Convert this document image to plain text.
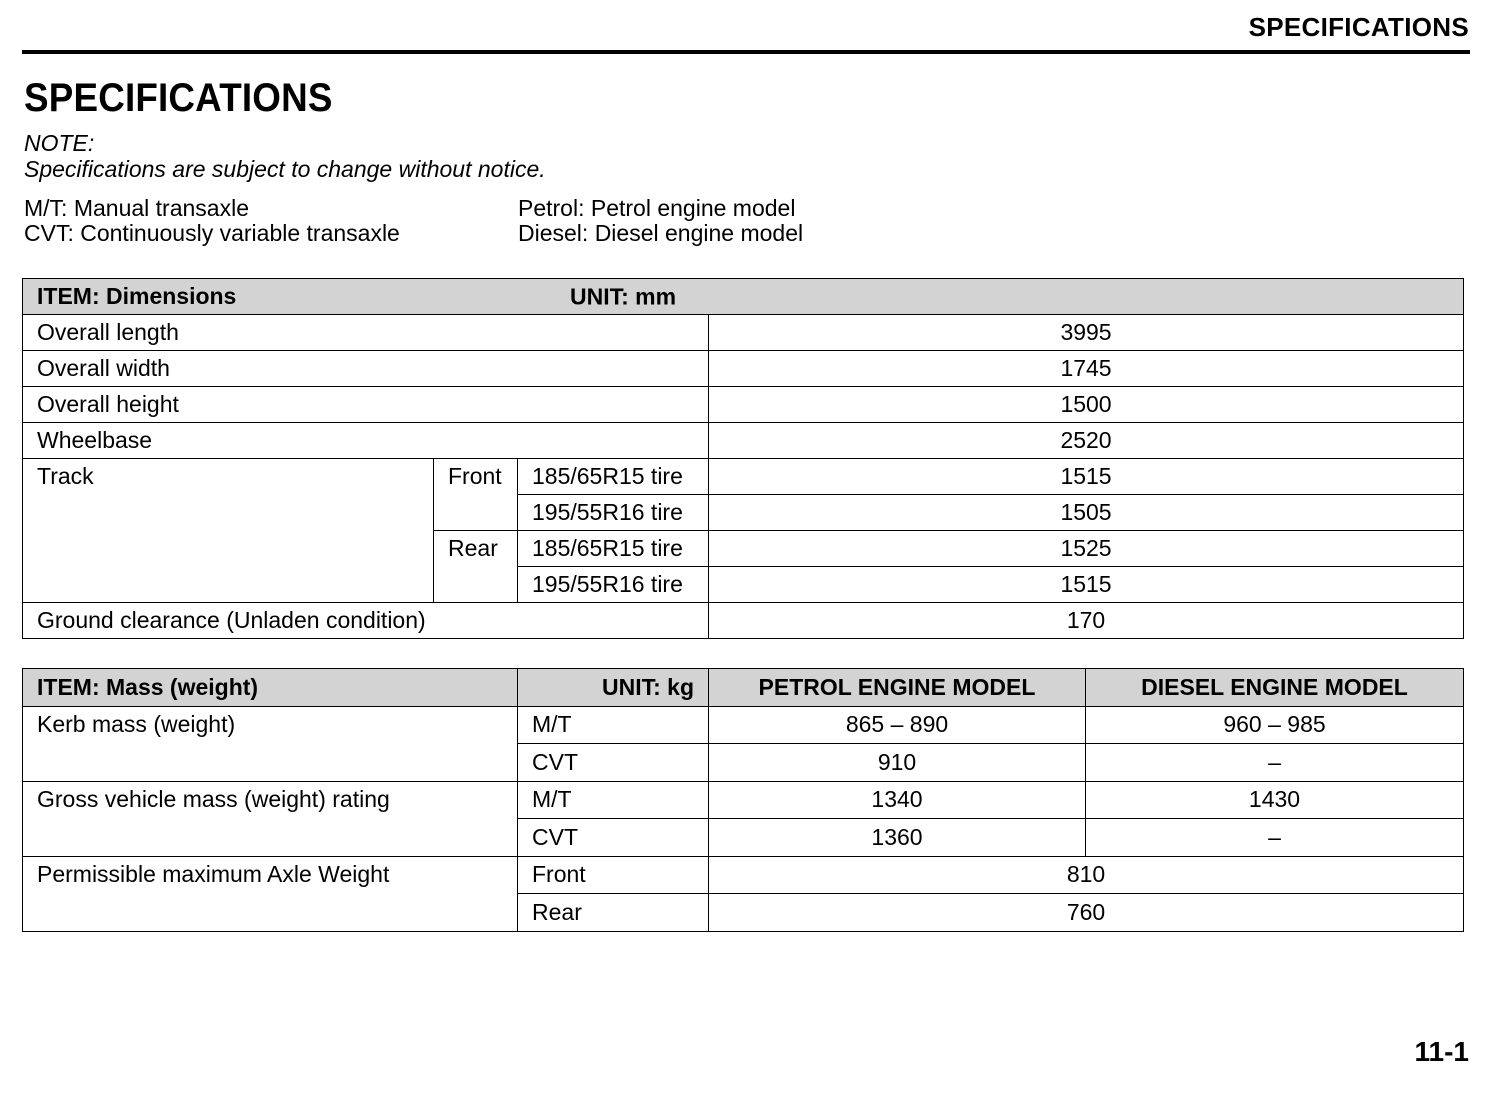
SPECIFICATIONS
SPECIFICATIONS
NOTE:
Specifications are subject to change without notice.
M/T: Manual transaxle
CVT: Continuously variable transaxle
Petrol: Petrol engine model
Diesel: Diesel engine model
ITEM: Dimensions UNIT: mm			

Overall length			3995
Overall width			1745
Overall height			1500
Wheelbase			2520
Track	Front	185/65R15 tire	1515
		195/55R16 tire	1505
	Rear	185/65R15 tire	1525
		195/55R16 tire	1515
Ground clearance (Unladen condition)			170
ITEM: Mass (weight)	UNIT: kg	PETROL ENGINE MODEL	DIESEL ENGINE MODEL
Kerb mass (weight)	M/T	865 – 890	960 – 985
	CVT	910	–
Gross vehicle mass (weight) rating	M/T	1340	1430
	CVT	1360	–
Permissible maximum Axle Weight	Front	810	
	Rear	760	
11-1
